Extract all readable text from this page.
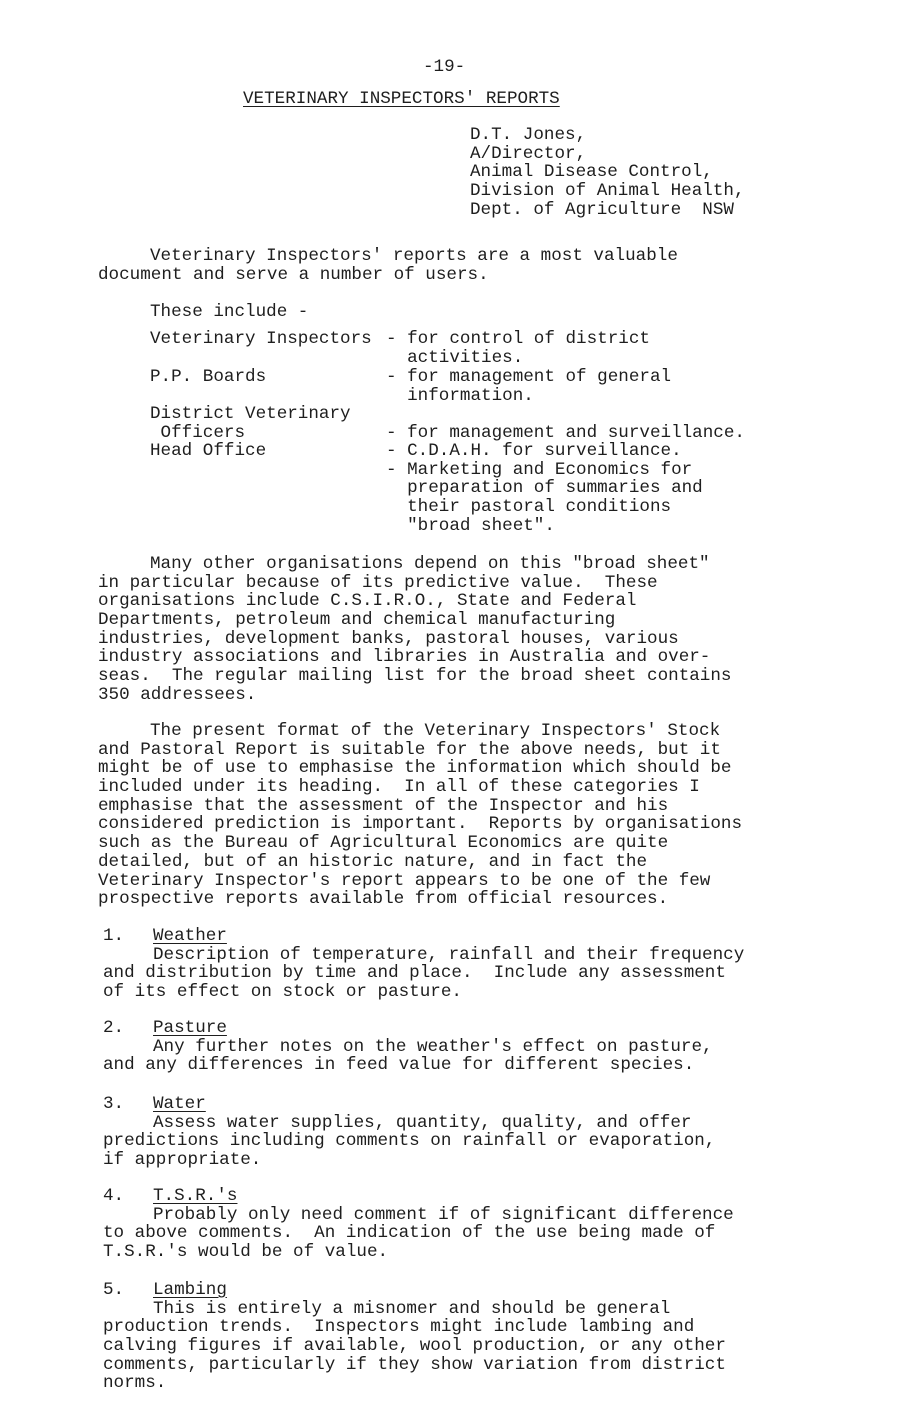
-19-
VETERINARY INSPECTORS' REPORTS
D.T. Jones,
A/Director,
Animal Disease Control,
Division of Animal Health,
Dept. of Agriculture  NSW
Veterinary Inspectors' reports are a most valuable
document and serve a number of users.
These include -
Veterinary Inspectors - for control of district
activities.
P.P. Boards	- for management of general
information.
District Veterinary
Officers	- for management and surveillance.
Head Office	- C.D.A.H. for surveillance.
- Marketing and Economics for
preparation of summaries and
their pastoral conditions
"broad sheet".
Many other organisations depend on this "broad sheet"
in particular because of its predictive value.  These
organisations include C.S.I.R.O., State and Federal
Departments, petroleum and chemical manufacturing
industries, development banks, pastoral houses, various
industry associations and libraries in Australia and over-
seas.  The regular mailing list for the broad sheet contains
350 addressees.
The present format of the Veterinary Inspectors' Stock
and Pastoral Report is suitable for the above needs, but it
might be of use to emphasise the information which should be
included under its heading.  In all of these categories I
emphasise that the assessment of the Inspector and his
considered prediction is important.  Reports by organisations
such as the Bureau of Agricultural Economics are quite
detailed, but of an historic nature, and in fact the
Veterinary Inspector's report appears to be one of the few
prospective reports available from official resources.
1. Weather
Description of temperature, rainfall and their frequency
and distribution by time and place.  Include any assessment
of its effect on stock or pasture.
2. Pasture
Any further notes on the weather's effect on pasture,
and any differences in feed value for different species.
3. Water
Assess water supplies, quantity, quality, and offer
predictions including comments on rainfall or evaporation,
if appropriate.
4. T.S.R.'s
Probably only need comment if of significant difference
to above comments.  An indication of the use being made of
T.S.R.'s would be of value.
5. Lambing
This is entirely a misnomer and should be general
production trends.  Inspectors might include lambing and
calving figures if available, wool production, or any other
comments, particularly if they show variation from district
norms.
